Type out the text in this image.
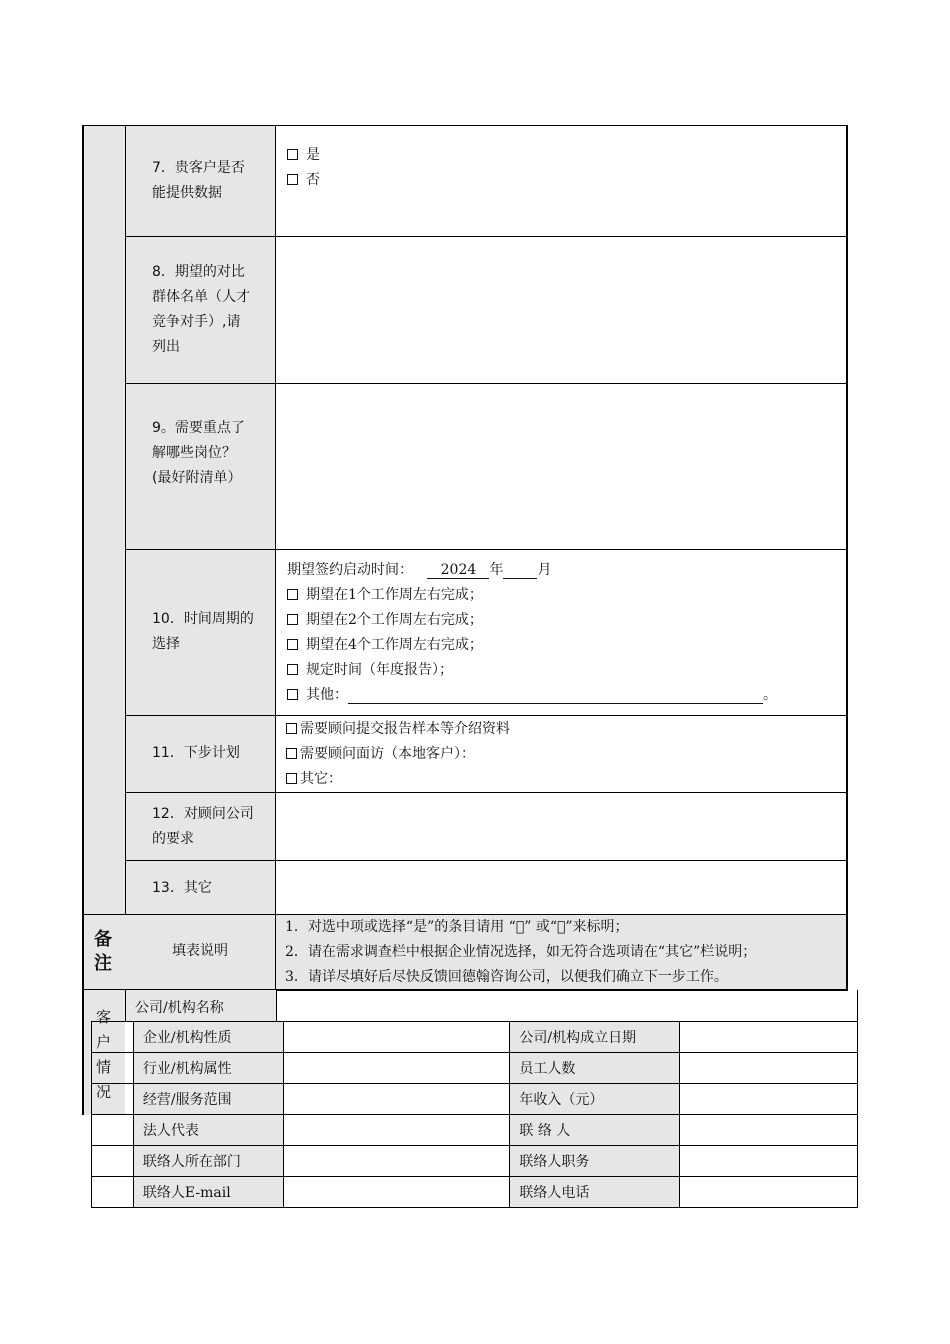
7．贵客户是否能提供数据
是
否
8．期望的对比群体名单（人才竞争对手）,请列出
9。需要重点了解哪些岗位？(最好附清单）
10．时间周期的选择
期望签约启动时间： 2024 年 月
期望在1个工作周左右完成；
期望在2个工作周左右完成；
期望在4个工作周左右完成；
规定时间（年度报告）；
其他：	。
11．下步计划
需要顾问提交报告样本等介绍资料
需要顾问面访（本地客户）：
其它：
12．对顾问公司的要求
13．其它
备注
填表说明
1．对选中项或选择“是”的条目请用 “ ” 或“☑”来标明；
2．请在需求调查栏中根据企业情况选择，如无符合选项请在“其它”栏说明；
3．请详尽填好后尽快反馈回德翰咨询公司，以便我们确立下一步工作。
公司/机构名称
	企业/机构性质		公司/机构成立日期	
	行业/机构属性		员工人数	
	经营/服务范围		年收入（元）	
	法人代表		联 络 人	
	联络人所在部门		联络人职务	
	联络人E-mail		联络人电话	
客户情况
